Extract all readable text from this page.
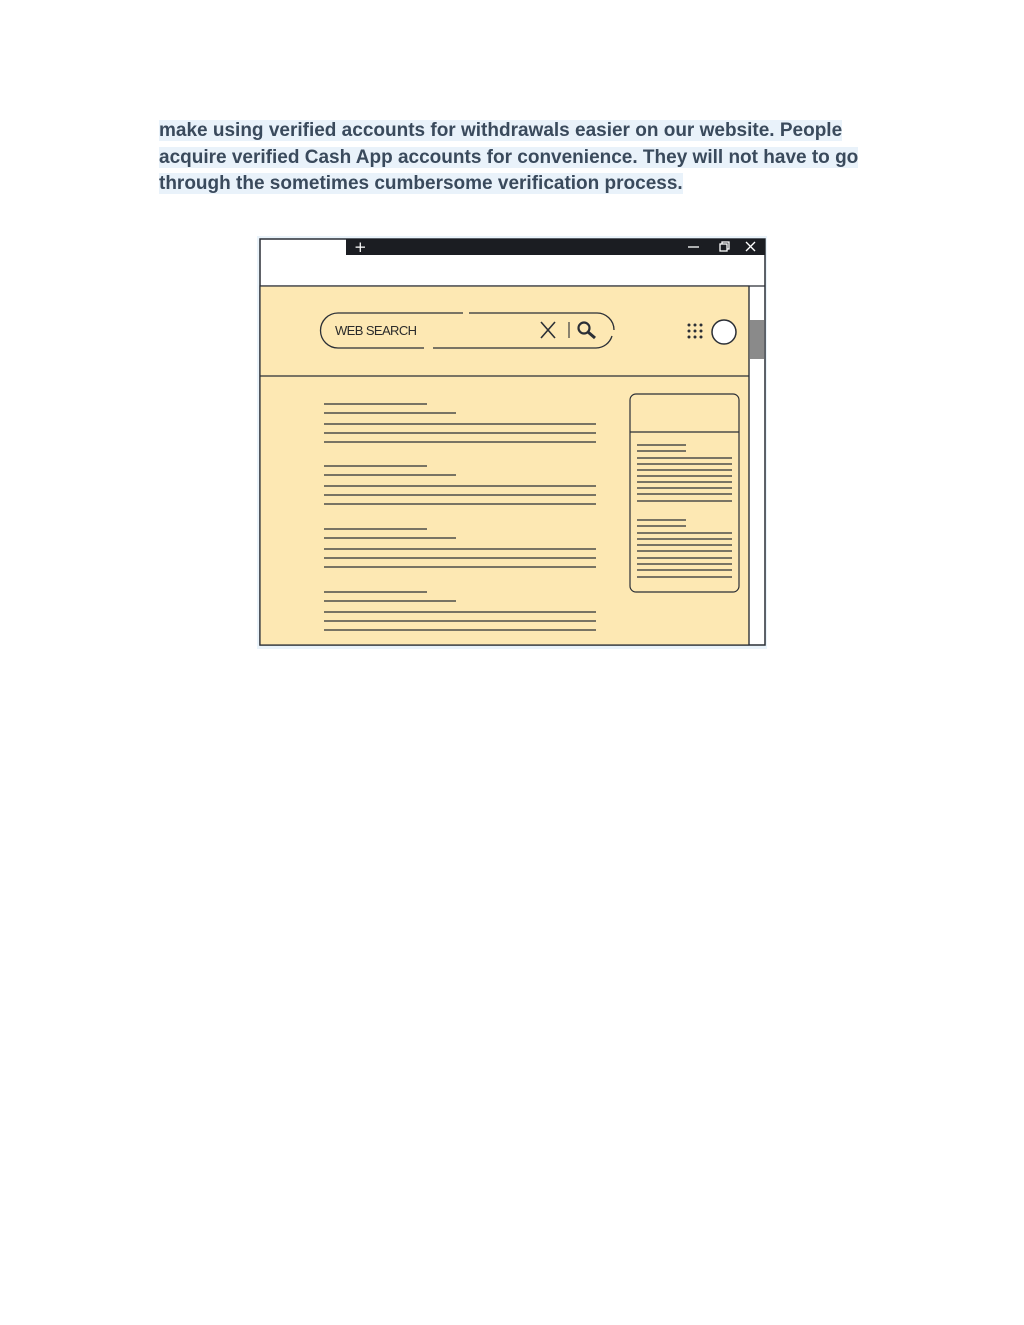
make using verified accounts for withdrawals easier on our website. People
acquire verified Cash App accounts for convenience. They will not have to go
through the sometimes cumbersome verification process.

+
WEB SEARCH
